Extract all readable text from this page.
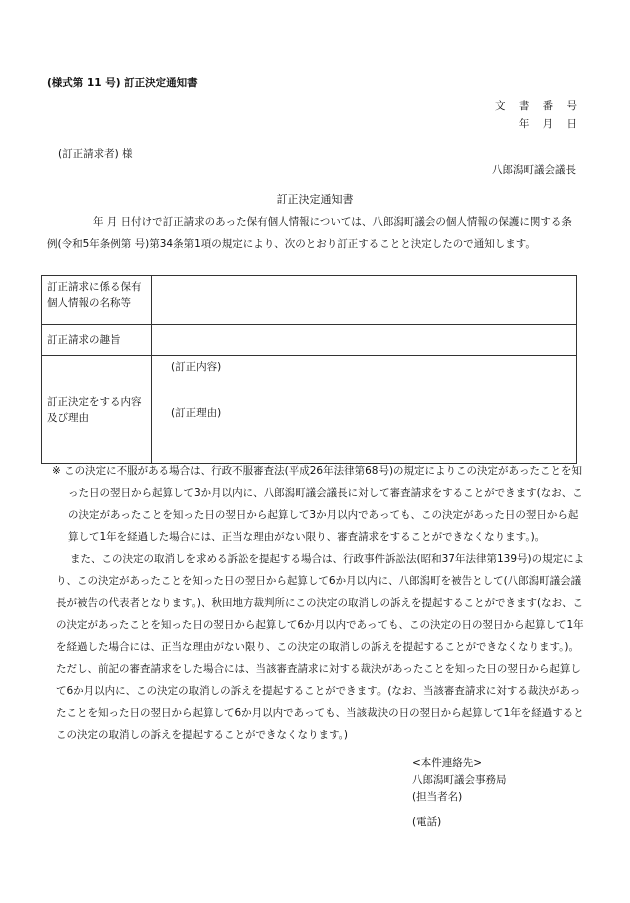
(様式第 11 号) 訂正決定通知書
文 書 番 号
年 月 日
(訂正請求者) 様
八郎潟町議会議長
訂正決定通知書

年 月 日付けで訂正請求のあった保有個人情報については、八郎潟町議会の個人情報の保護に関する条例(令和5年条例第 号)第34条第1項の規定により、次のとおり訂正することと決定したので通知します。

訂正請求に係る保有個人情報の名称等	
訂正請求の趣旨	
訂正決定をする内容及び理由	(訂正内容)
(訂正理由)

※ この決定に不服がある場合は、行政不服審査法(平成26年法律第68号)の規定によりこの決定があったことを知った日の翌日から起算して3か月以内に、八郎潟町議会議長に対して審査請求をすることができます(なお、この決定があったことを知った日の翌日から起算して3か月以内であっても、この決定があった日の翌日から起算して1年を経過した場合には、正当な理由がない限り、審査請求をすることができなくなります。)。

また、この決定の取消しを求める訴訟を提起する場合は、行政事件訴訟法(昭和37年法律第139号)の規定により、この決定があったことを知った日の翌日から起算して6か月以内に、八郎潟町を被告として(八郎潟町議会議長が被告の代表者となります。)、秋田地方裁判所にこの決定の取消しの訴えを提起することができます(なお、この決定があったことを知った日の翌日から起算して6か月以内であっても、この決定の日の翌日から起算して1年を経過した場合には、正当な理由がない限り、この決定の取消しの訴えを提起することができなくなります。)。ただし、前記の審査請求をした場合には、当該審査請求に対する裁決があったことを知った日の翌日から起算して6か月以内に、この決定の取消しの訴えを提起することができます。(なお、当該審査請求に対する裁決があったことを知った日の翌日から起算して6か月以内であっても、当該裁決の日の翌日から起算して1年を経過するとこの決定の取消しの訴えを提起することができなくなります。)

<本件連絡先>
八郎潟町議会事務局
(担当者名)
(電話)
